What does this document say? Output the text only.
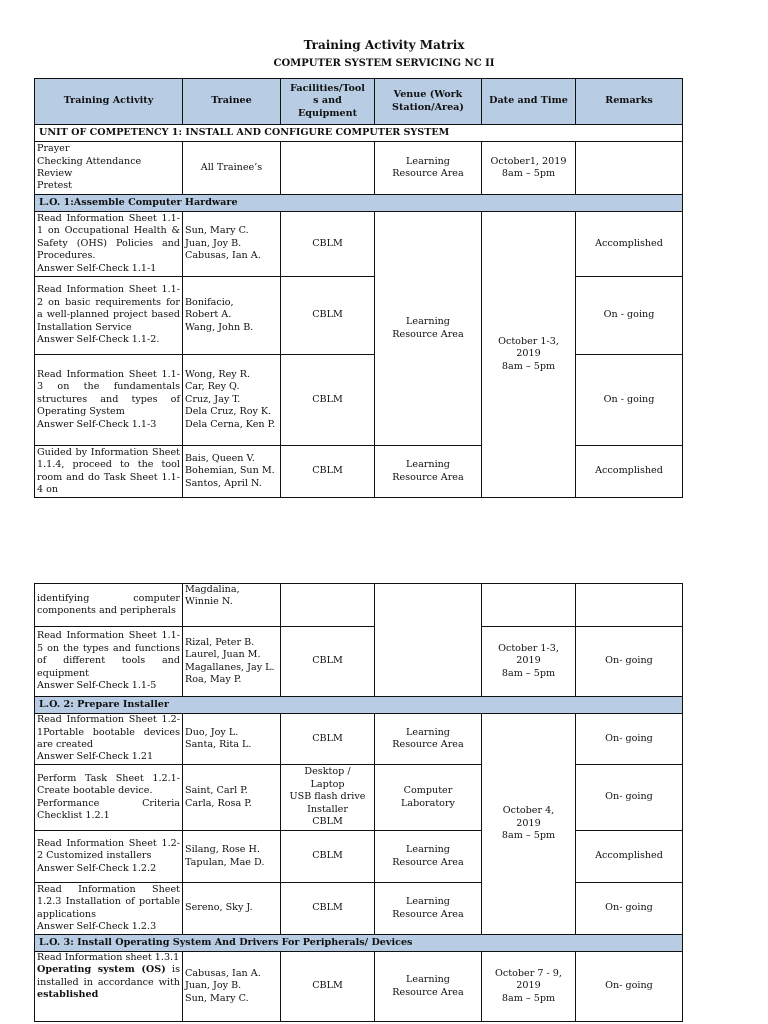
Training Activity Matrix
COMPUTER SYSTEM SERVICING NC II
Training Activity	Trainee	Facilities/Tool
s and
Equipment	Venue (Work
Station/Area)	Date and Time	Remarks
UNIT OF COMPETENCY 1: INSTALL AND CONFIGURE COMPUTER SYSTEM					
Prayer
Checking Attendance
Review
Pretest	All Trainee’s		Learning
Resource Area	October1, 2019
8am – 5pm	
L.O. 1:Assemble Computer Hardware					
Read Information Sheet 1.1-1 on Occupational Health & Safety (OHS) Policies and Procedures.
Answer Self-Check 1.1-1	Sun, Mary C.
Juan, Joy B.
Cabusas, Ian A.	CBLM	Learning
Resource Area	October 1-3,
2019
8am – 5pm	Accomplished
Read Information Sheet 1.1-2 on basic requirements for a well-planned project based Installation Service
Answer Self-Check 1.1-2.	Bonifacio,
Robert A.
Wang, John B.	CBLM			On - going
Read Information Sheet 1.1-3 on the fundamentals structures and types of Operating System
Answer Self-Check 1.1-3	Wong, Rey R.
Car, Rey Q.
Cruz, Jay T.
Dela Cruz, Roy K.
Dela Cerna, Ken P.	CBLM			On - going
Guided by Information Sheet 1.1.4, proceed to the tool room and do Task Sheet 1.1-4 on	Bais, Queen V.
Bohemian, Sun M.
Santos, April N.	CBLM	Learning
Resource Area		Accomplished
identifying computer components and peripherals	Magdalina,
Winnie N.				
Read Information Sheet 1.1-5 on the types and functions of different tools and equipment
Answer Self-Check 1.1-5	Rizal, Peter B.
Laurel, Juan M.
Magallanes, Jay L.
Roa, May P.	CBLM		October 1-3,
2019
8am – 5pm	On- going
L.O. 2: Prepare Installer					
Read Information Sheet 1.2-1Portable bootable devices are created
Answer Self-Check 1.21	Duo, Joy L.
Santa, Rita L.	CBLM	Learning
Resource Area	October 4,
2019
8am – 5pm	On- going
Perform Task Sheet 1.2.1-Create bootable device.
Performance Criteria Checklist 1.2.1	Saint, Carl P.
Carla, Rosa P.	Desktop /
Laptop
USB flash drive
Installer
CBLM	Computer
Laboratory		On- going
Read Information Sheet 1.2-2 Customized installers
Answer Self-Check 1.2.2	Silang, Rose H.
Tapulan, Mae D.	CBLM	Learning
Resource Area		Accomplished
Read Information Sheet 1.2.3 Installation of portable applications
Answer Self-Check 1.2.3	Sereno, Sky J.	CBLM	Learning
Resource Area		On- going
L.O. 3: Install Operating System And Drivers For Peripherals/ Devices					
Read Information sheet 1.3.1
Operating system (OS) is installed in accordance with established	Cabusas, Ian A.
Juan, Joy B.
Sun, Mary C.	CBLM	Learning
Resource Area	October 7 - 9,
2019
8am – 5pm	On- going
